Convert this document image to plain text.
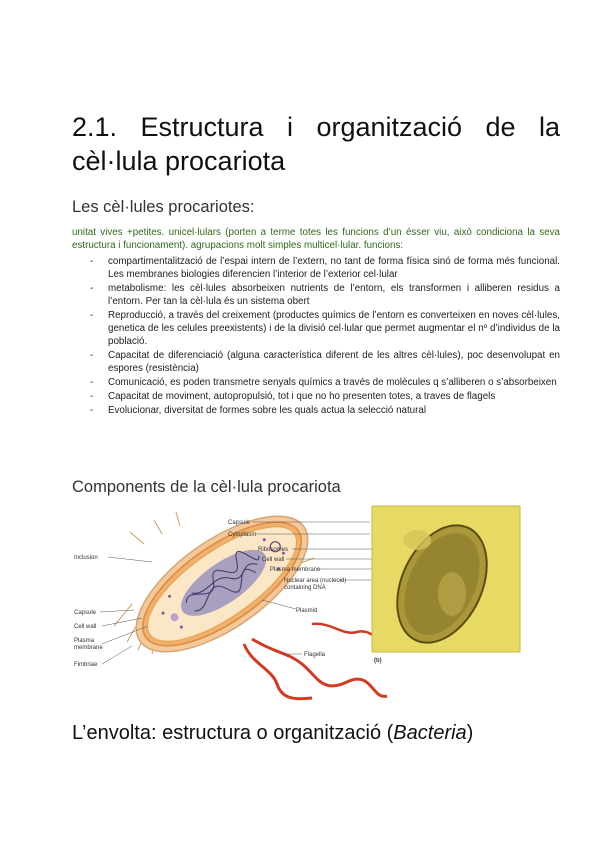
2.1. Estructura i organització de la cèl·lula procariota
Les cèl·lules procariotes:

unitat vives +petites. unicel·lulars (porten a terme totes les funcions d’un ésser viu, això condiciona la seva estructura i funcionament). agrupacions molt simples multicel·lular. funcions:

- compartimentalització de l’espai intern de l’extern, no tant de forma física sinó de forma més funcional. Les membranes biologies diferencien l’interior de l’exterior cel·lular
- metabolisme: les cèl·lules absorbeixen nutrients de l’entorn, els transformen i alliberen residus a l’entorn. Per tan la cèl·lula és un sistema obert
- Reproducció, a través del creixement (productes químics de l’entorn es converteixen en noves cèl·lules, genetica de les celules preexistents) i de la divisió cel·lular que permet augmentar el nº d’individus de la població.
- Capacitat de diferenciació (alguna característica diferent de les altres cèl·lules), poc desenvolupat en espores (resistència)
- Comunicació, es poden transmetre senyals químics a través de molècules q s’alliberen o s’absorbeixen
- Capacitat de moviment, autopropulsió, tot i que no ho presenten totes, a traves de flagels
- Evolucionar, diversitat de formes sobre les quals actua la selecció natural
Components de la cèl·lula procariota
Inclusion
Capsule
Cell wall
Plasma
membrane
Fimbriae
Capsule
Cytoplasm
Ribosomes
Cell wall
Plasma membrane
Nuclear area (nucleoid)
containing DNA
Plasmid
Flagella
(b)
L’envolta: estructura o organització (Bacteria)
